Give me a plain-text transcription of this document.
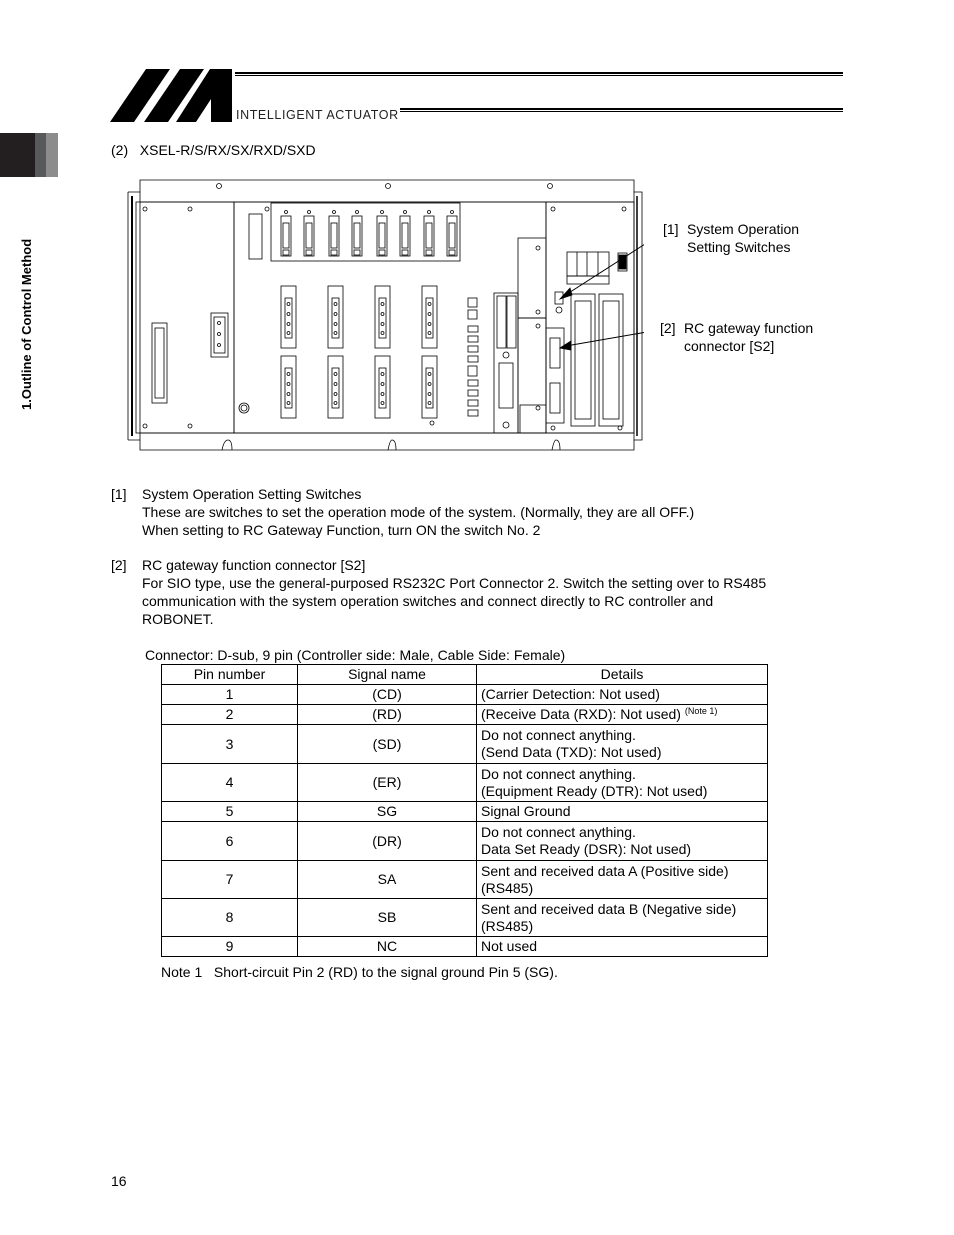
INTELLIGENT ACTUATOR
1.Outline of Control Method
(2)   XSEL-R/S/RX/SX/RXD/SXD
[1] System Operation
Setting Switches
[2] RC gateway function
connector [S2]
[1] System Operation Setting Switches
These are switches to set the operation mode of the system. (Normally, they are all OFF.)
When setting to RC Gateway Function, turn ON the switch No. 2
[2] RC gateway function connector [S2]
For SIO type, use the general-purposed RS232C Port Connector 2. Switch the setting over to RS485
communication with the system operation switches and connect directly to RC controller and
ROBONET.
Connector: D-sub, 9 pin (Controller side: Male, Cable Side: Female)
Pin number	Signal name	Details
1	(CD)	(Carrier Detection: Not used)
2	(RD)	(Receive Data (RXD): Not used) $^{(Note 1)}$
3	(SD)	Do not connect anything.
(Send Data (TXD): Not used)

4	(ER)	Do not connect anything.
(Equipment Ready (DTR): Not used)

5	SG	Signal Ground
6	(DR)	Do not connect anything.
Data Set Ready (DSR): Not used)

7	SA	Sent and received data A (Positive side)
(RS485)

8	SB	Sent and received data B (Negative side)
(RS485)

9	NC	Not used
Note 1   Short-circuit Pin 2 (RD) to the signal ground Pin 5 (SG).
16
